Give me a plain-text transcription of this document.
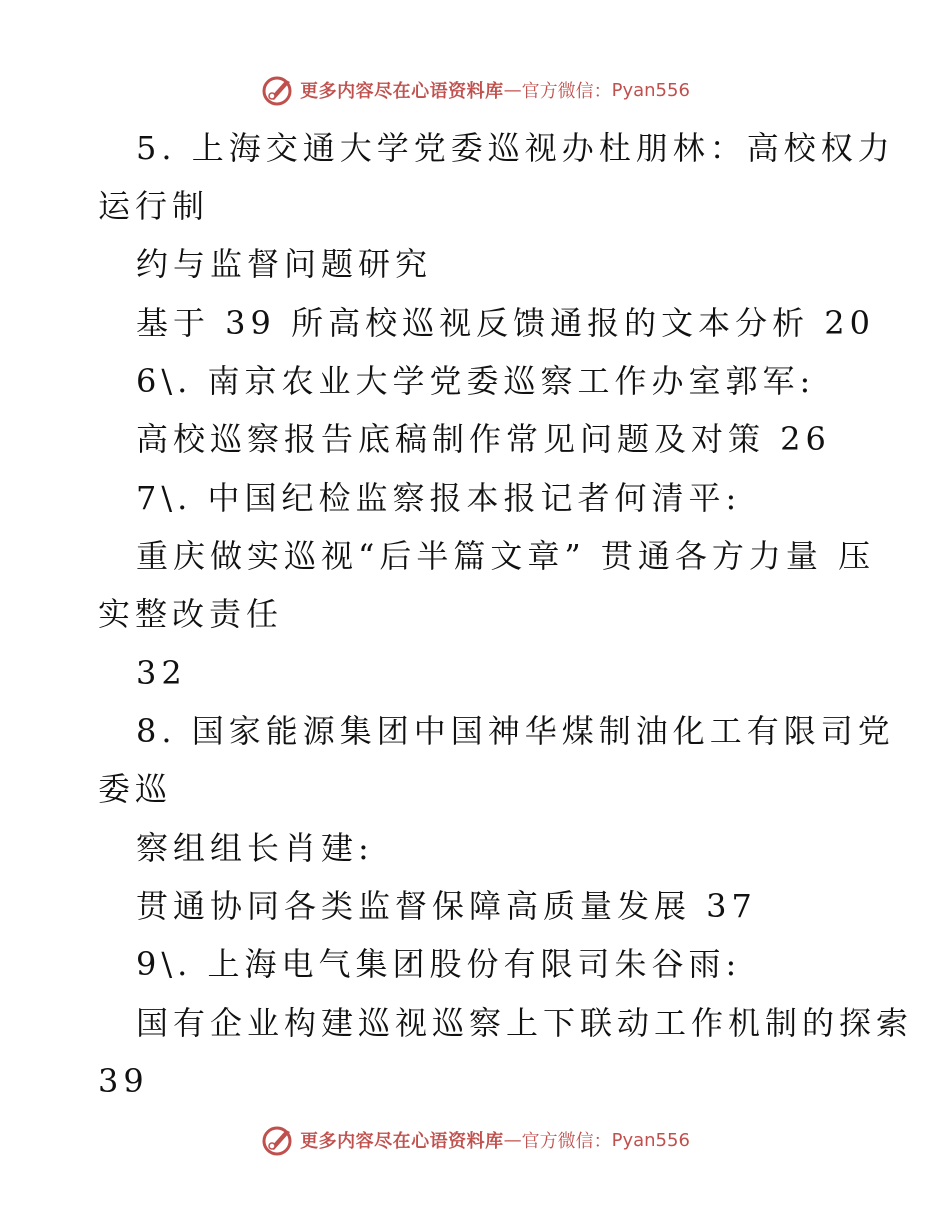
更多内容尽在心语资料库 — 官方微信： Pyan556
5. 上海交通大学党委巡视办杜朋林：高校权力
运行制
约与监督问题研究
基于 39 所高校巡视反馈通报的文本分析 20
6\. 南京农业大学党委巡察工作办室郭军:
高校巡察报告底稿制作常见问题及对策 26
7\. 中国纪检监察报本报记者何清平:
重庆做实巡视“后半篇文章” 贯通各方力量 压
实整改责任
32
8. 国家能源集团中国神华煤制油化工有限司党
委巡
察组组长肖建:
贯通协同各类监督保障高质量发展 37
9\. 上海电气集团股份有限司朱谷雨:
国有企业构建巡视巡察上下联动工作机制的探索
39
更多内容尽在心语资料库 — 官方微信： Pyan556
